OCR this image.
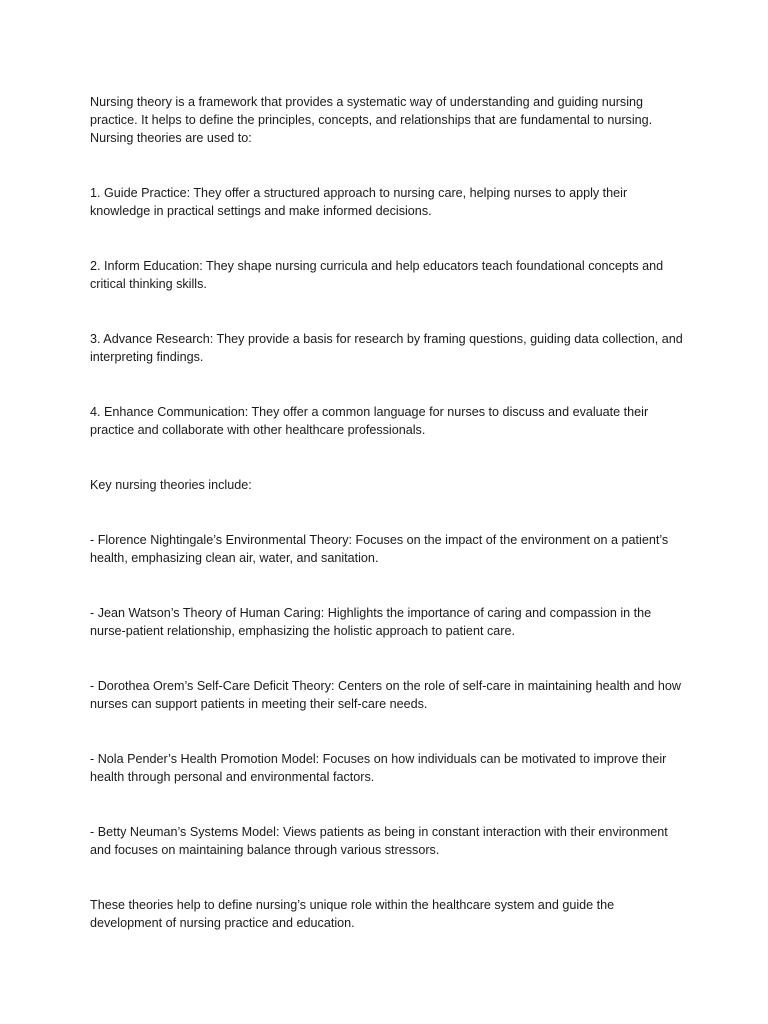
Nursing theory is a framework that provides a systematic way of understanding and guiding nursing practice. It helps to define the principles, concepts, and relationships that are fundamental to nursing. Nursing theories are used to:

1. Guide Practice: They offer a structured approach to nursing care, helping nurses to apply their knowledge in practical settings and make informed decisions.

2. Inform Education: They shape nursing curricula and help educators teach foundational concepts and critical thinking skills.

3. Advance Research: They provide a basis for research by framing questions, guiding data collection, and interpreting findings.

4. Enhance Communication: They offer a common language for nurses to discuss and evaluate their practice and collaborate with other healthcare professionals.

Key nursing theories include:

- Florence Nightingale’s Environmental Theory: Focuses on the impact of the environment on a patient’s health, emphasizing clean air, water, and sanitation.

- Jean Watson’s Theory of Human Caring: Highlights the importance of caring and compassion in the nurse-patient relationship, emphasizing the holistic approach to patient care.

- Dorothea Orem’s Self-Care Deficit Theory: Centers on the role of self-care in maintaining health and how nurses can support patients in meeting their self-care needs.

- Nola Pender’s Health Promotion Model: Focuses on how individuals can be motivated to improve their health through personal and environmental factors.

- Betty Neuman’s Systems Model: Views patients as being in constant interaction with their environment and focuses on maintaining balance through various stressors.

These theories help to define nursing’s unique role within the healthcare system and guide the development of nursing practice and education.
